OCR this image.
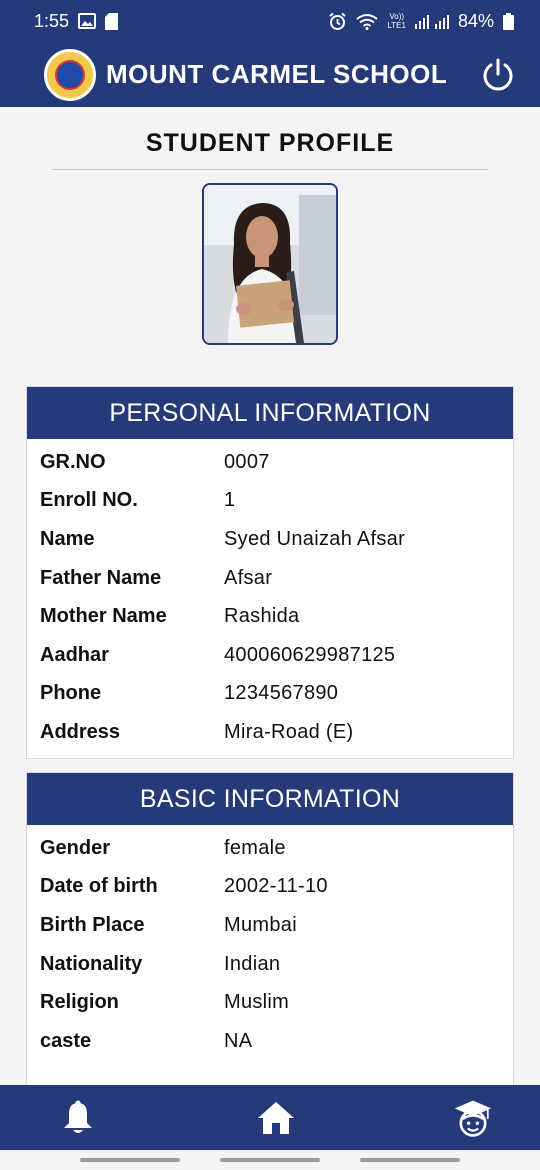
1:55	Vo))
LTE1	84%
MOUNT CARMEL SCHOOL
STUDENT PROFILE
PERSONAL INFORMATION
GR.NO	0007
Enroll NO.	1
Name	Syed Unaizah Afsar
Father Name	Afsar
Mother Name	Rashida
Aadhar	400060629987125
Phone	1234567890
Address	Mira-Road (E)
BASIC INFORMATION
Gender	female
Date of birth	2002-11-10
Birth Place	Mumbai
Nationality	Indian
Religion	Muslim
caste	NA
